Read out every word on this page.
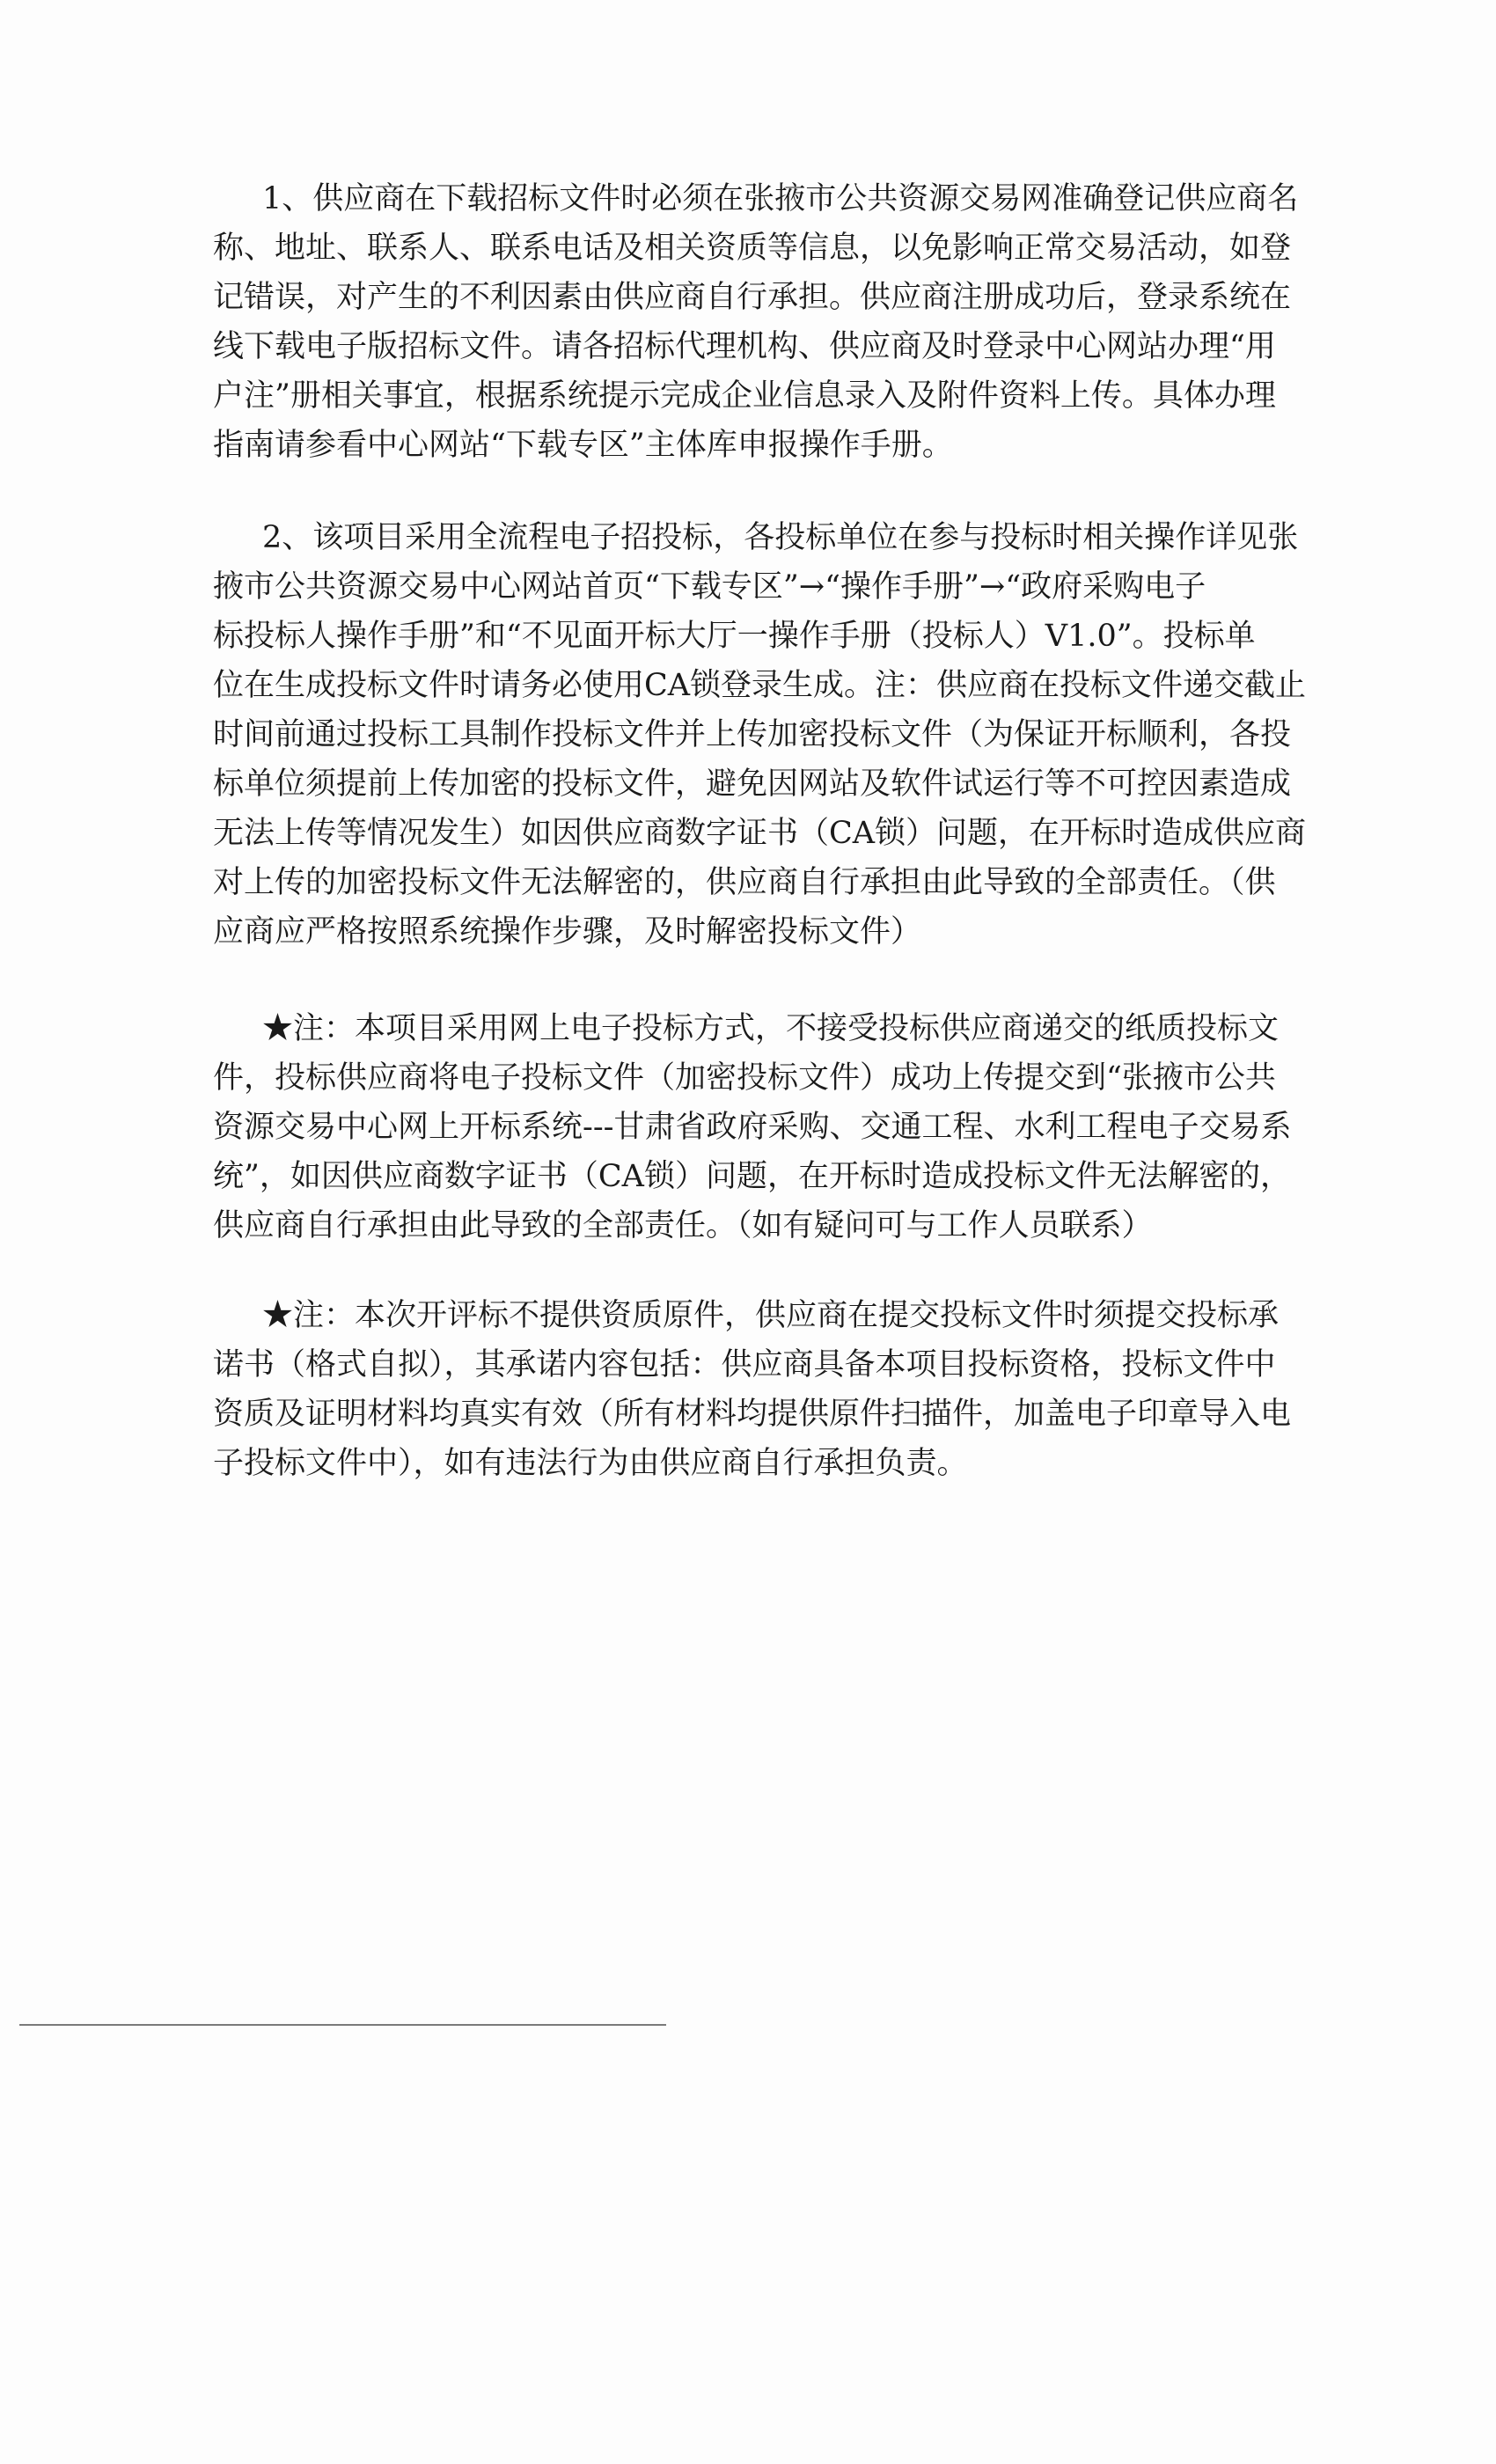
1、供应商在下载招标文件时必须在张掖市公共资源交易网准确登记供应商名
称、地址、联系人、联系电话及相关资质等信息，以免影响正常交易活动，如登
记错误，对产生的不利因素由供应商自行承担。供应商注册成功后，登录系统在
线下载电子版招标文件。请各招标代理机构、供应商及时登录中心网站办理“用
户注”册相关事宜，根据系统提示完成企业信息录入及附件资料上传。具体办理
指南请参看中心网站“下载专区”主体库申报操作手册。
2、该项目采用全流程电子招投标，各投标单位在参与投标时相关操作详见张
掖市公共资源交易中心网站首页“下载专区”→“操作手册”→“政府采购电子
标投标人操作手册”和“不见面开标大厅一操作手册（投标人）V1.0”。投标单
位在生成投标文件时请务必使用CA锁登录生成。注：供应商在投标文件递交截止
时间前通过投标工具制作投标文件并上传加密投标文件（为保证开标顺利，各投
标单位须提前上传加密的投标文件，避免因网站及软件试运行等不可控因素造成
无法上传等情况发生）如因供应商数字证书（CA锁）问题，在开标时造成供应商
对上传的加密投标文件无法解密的，供应商自行承担由此导致的全部责任。（供
应商应严格按照系统操作步骤，及时解密投标文件）
★注：本项目采用网上电子投标方式，不接受投标供应商递交的纸质投标文
件，投标供应商将电子投标文件（加密投标文件）成功上传提交到“张掖市公共
资源交易中心网上开标系统---甘肃省政府采购、交通工程、水利工程电子交易系
统”，如因供应商数字证书（CA锁）问题，在开标时造成投标文件无法解密的，
供应商自行承担由此导致的全部责任。（如有疑问可与工作人员联系）
★注：本次开评标不提供资质原件，供应商在提交投标文件时须提交投标承
诺书（格式自拟），其承诺内容包括：供应商具备本项目投标资格，投标文件中
资质及证明材料均真实有效（所有材料均提供原件扫描件，加盖电子印章导入电
子投标文件中），如有违法行为由供应商自行承担负责。
